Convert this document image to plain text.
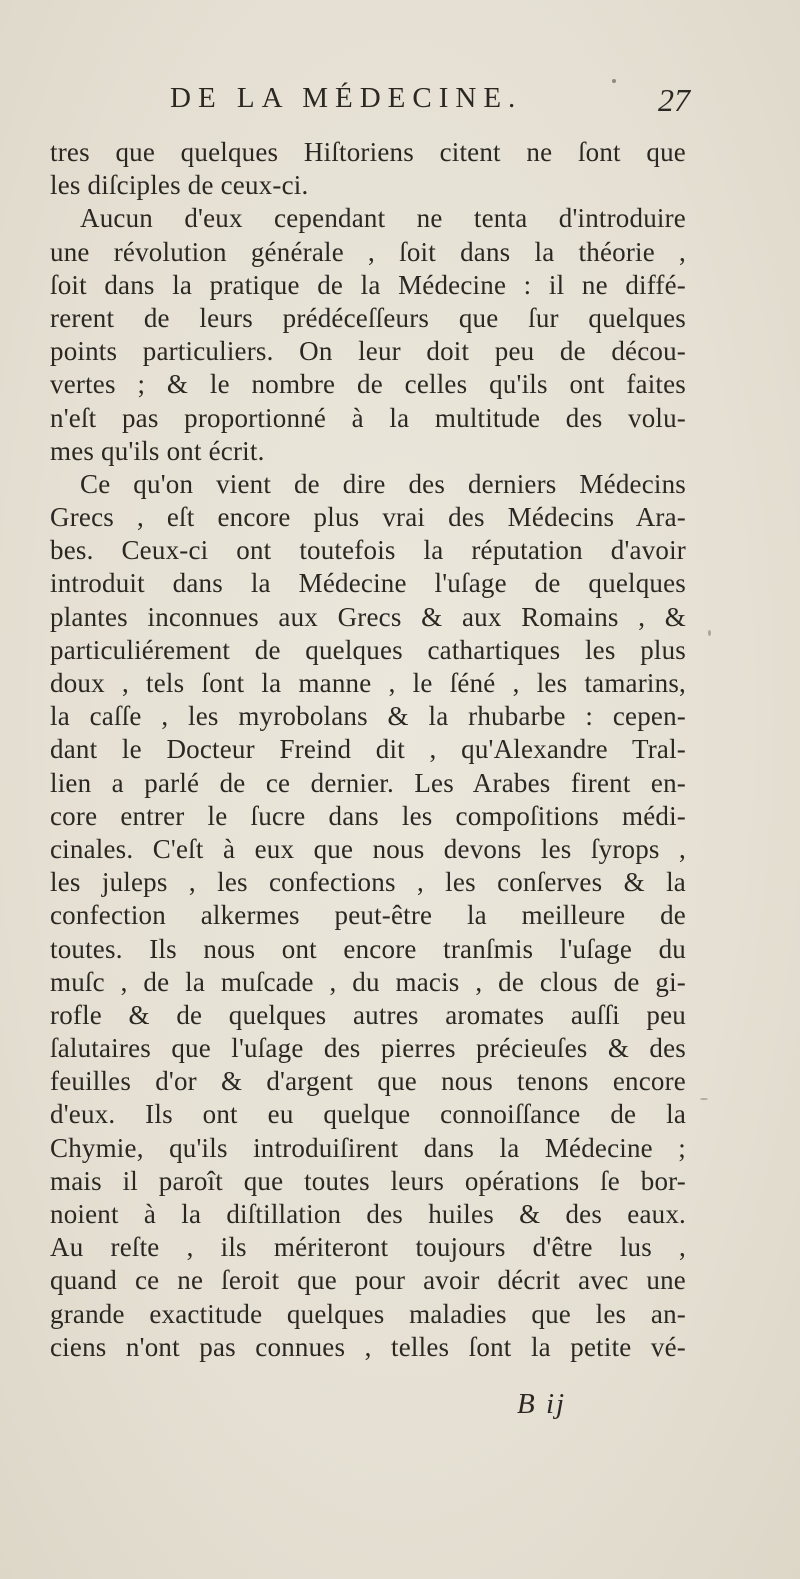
DE LA MÉDECINE.	27
tres que quelques Hiſtoriens citent ne ſont que
les diſciples de ceux-ci.
Aucun d'eux cependant ne tenta d'introduire
une révolution générale , ſoit dans la théorie ,
ſoit dans la pratique de la Médecine : il ne diffé-
rerent de leurs prédéceſſeurs que ſur quelques
points particuliers. On leur doit peu de décou-
vertes ; & le nombre de celles qu'ils ont faites
n'eſt pas proportionné à la multitude des volu-
mes qu'ils ont écrit.
Ce qu'on vient de dire des derniers Médecins
Grecs , eſt encore plus vrai des Médecins Ara-
bes. Ceux-ci ont toutefois la réputation d'avoir
introduit dans la Médecine l'uſage de quelques
plantes inconnues aux Grecs & aux Romains , &
particuliérement de quelques cathartiques les plus
doux , tels ſont la manne , le ſéné , les tamarins,
la caſſe , les myrobolans & la rhubarbe : cepen-
dant le Docteur Freind dit , qu'Alexandre Tral-
lien a parlé de ce dernier. Les Arabes firent en-
core entrer le ſucre dans les compoſitions médi-
cinales. C'eſt à eux que nous devons les ſyrops ,
les juleps , les confections , les conſerves & la
confection alkermes peut-être la meilleure de
toutes. Ils nous ont encore tranſmis l'uſage du
muſc , de la muſcade , du macis , de clous de gi-
rofle & de quelques autres aromates auſſi peu
ſalutaires que l'uſage des pierres précieuſes & des
feuilles d'or & d'argent que nous tenons encore
d'eux. Ils ont eu quelque connoiſſance de la
Chymie, qu'ils introduiſirent dans la Médecine ;
mais il paroît que toutes leurs opérations ſe bor-
noient à la diſtillation des huiles & des eaux.
Au reſte , ils mériteront toujours d'être lus ,
quand ce ne ſeroit que pour avoir décrit avec une
grande exactitude quelques maladies que les an-
ciens n'ont pas connues , telles ſont la petite vé-
B ij
